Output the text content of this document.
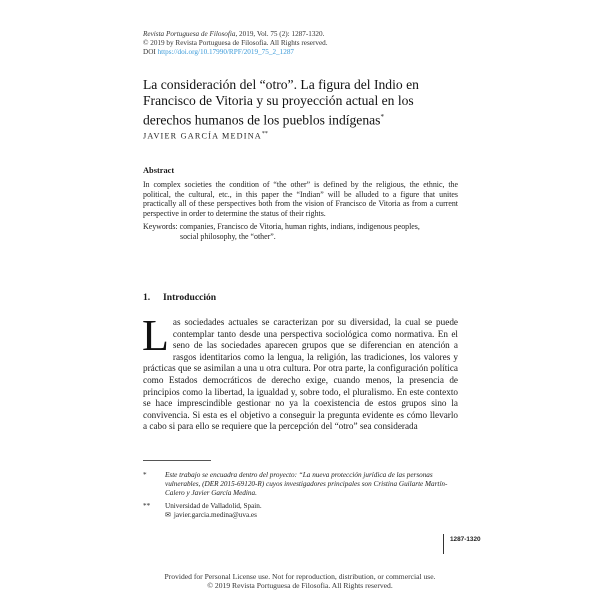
Revista Portuguesa de Filosofia, 2019, Vol. 75 (2): 1287-1320.
© 2019 by Revista Portuguesa de Filosofia. All Rights reserved.
DOI https://doi.org/10.17990/RPF/2019_75_2_1287
La consideración del “otro”. La figura del Indio en Francisco de Vitoria y su proyección actual en los derechos humanos de los pueblos indígenas*
JAVIER GARCÍA MEDINA**
Abstract
In complex societies the condition of “the other” is defined by the religious, the ethnic, the political, the cultural, etc., in this paper the “Indian” will be alluded to a figure that unites practically all of these perspectives both from the vision of Francisco de Vitoria as from a current perspective in order to determine the status of their rights.
Keywords: companies, Francisco de Vitoria, human rights, indians, indigenous peoples,
social philosophy, the “other”.
1. Introducción
Las sociedades actuales se caracterizan por su diversidad, la cual se puede contemplar tanto desde una perspectiva sociológica como normativa. En el seno de las sociedades aparecen grupos que se diferencian en atención a rasgos identitarios como la lengua, la religión, las tradiciones, los valores y prácticas que se asimilan a una u otra cultura. Por otra parte, la configuración política como Estados democráticos de derecho exige, cuando menos, la presencia de principios como la libertad, la igualdad y, sobre todo, el pluralismo. En este contexto se hace imprescindible gestionar no ya la coexistencia de estos grupos sino la convivencia. Si esta es el objetivo a conseguir la pregunta evidente es cómo llevarlo a cabo si para ello se requiere que la percepción del “otro” sea considerada
*	Este trabajo se encuadra dentro del proyecto: “La nueva protección jurídica de las personas vulnerables, (DER 2015-69120-R) cuyos investigadores principales son Cristina Guilarte Martín-Calero y Javier García Medina.
**	Universidad de Valladolid, Spain.
✉ javier.garcia.medina@uva.es
1287-1320
Provided for Personal License use. Not for reproduction, distribution, or commercial use.
© 2019 Revista Portuguesa de Filosofia. All Rights reserved.
